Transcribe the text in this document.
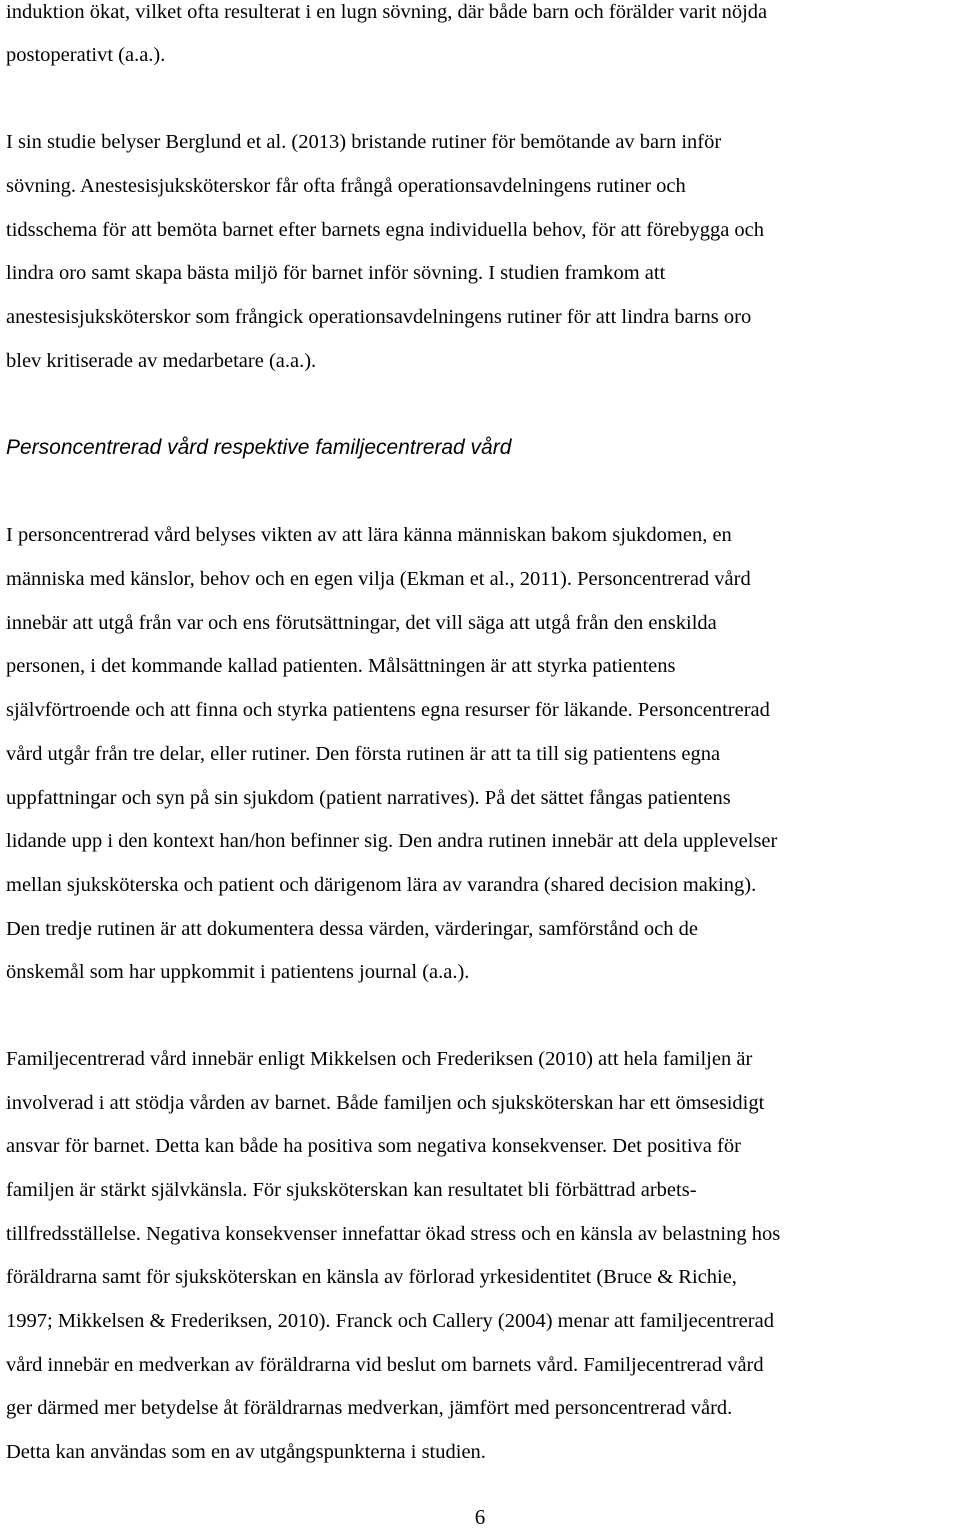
induktion ökat, vilket ofta resulterat i en lugn sövning, där både barn och förälder varit nöjda

postoperativt (a.a.).

I sin studie belyser Berglund et al. (2013) bristande rutiner för bemötande av barn inför

sövning. Anestesisjuksköterskor får ofta frångå operationsavdelningens rutiner och

tidsschema för att bemöta barnet efter barnets egna individuella behov, för att förebygga och

lindra oro samt skapa bästa miljö för barnet inför sövning. I studien framkom att

anestesisjuksköterskor som frångick operationsavdelningens rutiner för att lindra barns oro

blev kritiserade av medarbetare (a.a.).

Personcentrerad vård respektive familjecentrerad vård

I personcentrerad vård belyses vikten av att lära känna människan bakom sjukdomen, en

människa med känslor, behov och en egen vilja (Ekman et al., 2011). Personcentrerad vård

innebär att utgå från var och ens förutsättningar, det vill säga att utgå från den enskilda

personen, i det kommande kallad patienten. Målsättningen är att styrka patientens

självförtroende och att finna och styrka patientens egna resurser för läkande. Personcentrerad

vård utgår från tre delar, eller rutiner. Den första rutinen är att ta till sig patientens egna

uppfattningar och syn på sin sjukdom (patient narratives). På det sättet fångas patientens

lidande upp i den kontext han/hon befinner sig. Den andra rutinen innebär att dela upplevelser

mellan sjuksköterska och patient och därigenom lära av varandra (shared decision making).

Den tredje rutinen är att dokumentera dessa värden, värderingar, samförstånd och de

önskemål som har uppkommit i patientens journal (a.a.).

Familjecentrerad vård innebär enligt Mikkelsen och Frederiksen (2010) att hela familjen är

involverad i att stödja vården av barnet. Både familjen och sjuksköterskan har ett ömsesidigt

ansvar för barnet. Detta kan både ha positiva som negativa konsekvenser. Det positiva för

familjen är stärkt självkänsla. För sjuksköterskan kan resultatet bli förbättrad arbets-

tillfredsställelse. Negativa konsekvenser innefattar ökad stress och en känsla av belastning hos

föräldrarna samt för sjuksköterskan en känsla av förlorad yrkesidentitet (Bruce & Richie,

1997; Mikkelsen & Frederiksen, 2010). Franck och Callery (2004) menar att familjecentrerad

vård innebär en medverkan av föräldrarna vid beslut om barnets vård. Familjecentrerad vård

ger därmed mer betydelse åt föräldrarnas medverkan, jämfört med personcentrerad vård.

Detta kan användas som en av utgångspunkterna i studien.

6
